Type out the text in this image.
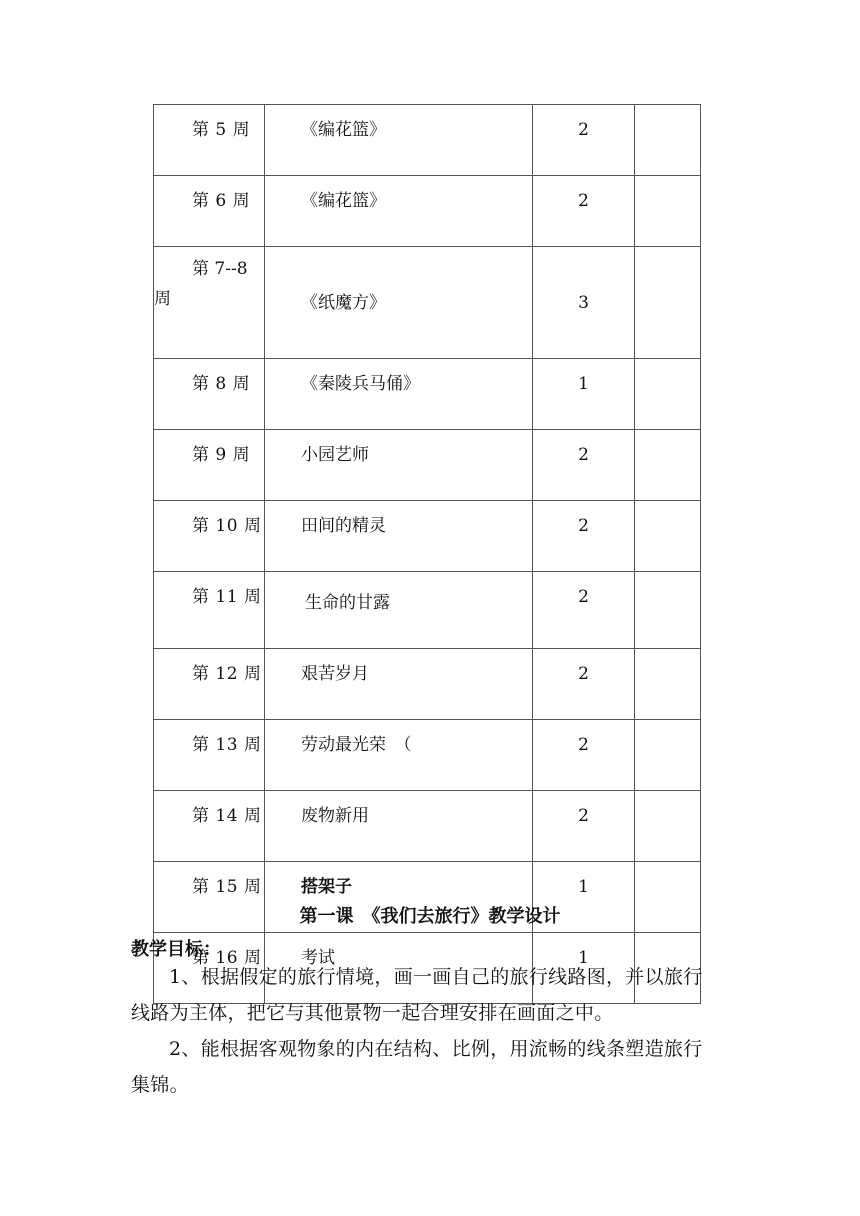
第 5 周	《编花篮》	2	
第 6 周	《编花篮》	2	

第 7--8
周	《纸魔方》	3	
第 8 周	《秦陵兵马俑》	1	
第 9 周	小园艺师	2	
第 10 周	田间的精灵	2	
第 11 周	生命的甘露	2	
第 12 周	艰苦岁月	2	
第 13 周	劳动最光荣　（	2	
第 14 周	废物新用	2	
第 15 周	搭架子	1	
第 16 周	考试	1	
第一课　《我们去旅行》教学设计
教学目标：
1、根据假定的旅行情境，画一画自己的旅行线路图，并以旅行
线路为主体，把它与其他景物一起合理安排在画面之中。
2、能根据客观物象的内在结构、比例，用流畅的线条塑造旅行
集锦。
